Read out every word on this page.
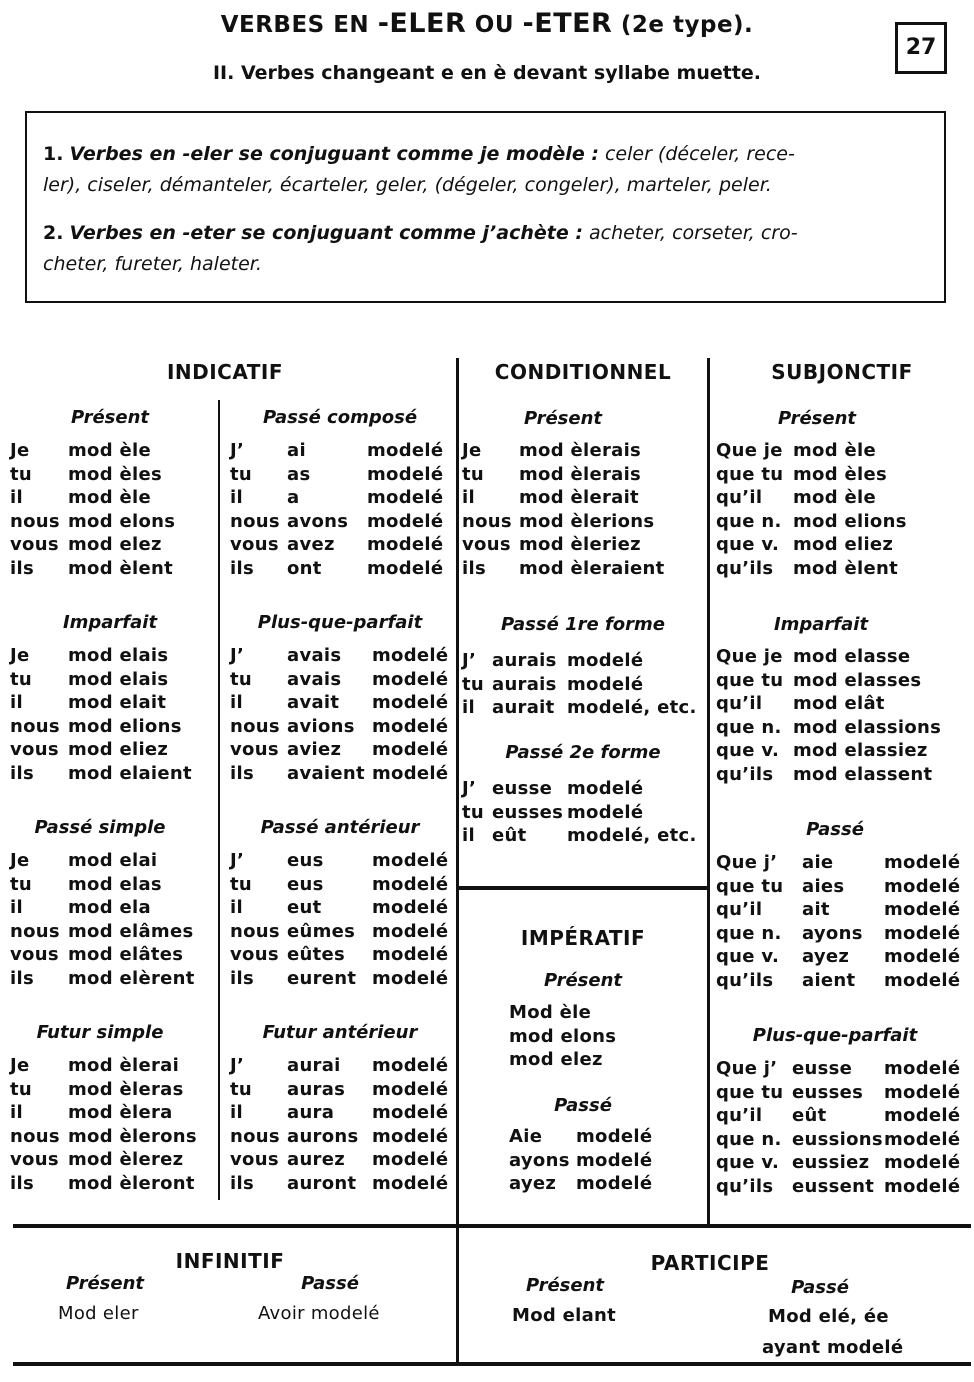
VERBES EN -ELER OU -ETER (2e type).
II. Verbes changeant e en è devant syllabe muette.
27
1. Verbes en -eler se conjuguant comme je modèle : celer (déceler, rece-
ler), ciseler, démanteler, écarteler, geler, (dégeler, congeler), marteler, peler.
2. Verbes en -eter se conjuguant comme j’achète : acheter, corseter, cro-
cheter, fureter, haleter.
INDICATIF	CONDITIONNEL	SUBJONCTIF
Présent	Passé composé
Imparfait	Plus-que-parfait
Passé simple	Passé antérieur
Futur simple	Futur antérieur
Présent
Passé 1re forme
Passé 2e forme
IMPÉRATIF
Présent
Passé
Présent
Imparfait
Passé
Plus-que-parfait
Je mod èle
tu mod èles
il	mod èle
nous mod elons
vous mod elez
ils mod èlent
J’ ai	modelé
tu as	modelé
il a	modelé
nous avons modelé
vous avez modelé
ils ont	modelé
Je mod elais
tu mod elais
il	mod elait
nous mod elions
vous mod eliez
ils mod elaient
J’ avais modelé
tu avais modelé
il avait modelé
nous avions modelé
vous aviez modelé
ils avaient modelé
Je mod elai
tu mod elas
il	mod ela
nous mod elâmes
vous mod elâtes
ils mod elèrent
J’ eus	modelé
tu eus	modelé
il eut	modelé
nous eûmes modelé
vous eûtes modelé
ils eurent modelé
Je mod èlerai
tu mod èleras
il	mod èlera
nous mod èlerons
vous mod èlerez
ils mod èleront
J’ aurai modelé
tu auras modelé
il aura modelé
nous aurons modelé
vous aurez modelé
ils auront modelé
Je mod èlerais
tu mod èlerais
il mod èlerait
nous mod èlerions
vous mod èleriez
ils mod èleraient
J’ aurais modelé
tu aurais modelé
il aurait modelé, etc.
J’ eusse modelé
tu eusses modelé
il eût modelé, etc.
Que je mod èle
que tu mod èles
qu’il mod èle
que n. mod elions
que v. mod eliez
qu’ils mod èlent
Que je mod elasse
que tu mod elasses
qu’il mod elât
que n. mod elassions
que v. mod elassiez
qu’ils mod elassent
Que j’ aie	modelé
que tu aies modelé
qu’il ait	modelé
que n. ayons modelé
que v. ayez modelé
qu’ils aient modelé
Que j’ eusse modelé
que tu eusses modelé
qu’il eût	modelé
que n. eussions modelé
que v. eussiez modelé
qu’ils eussent modelé
Aie modelé
ayons modelé
ayez modelé
Mod èle
mod elons
mod elez
INFINITIF
Présent	Passé
Mod eler	Avoir modelé
PARTICIPE
Présent	Passé
Mod elant	Mod elé, ée
ayant modelé
